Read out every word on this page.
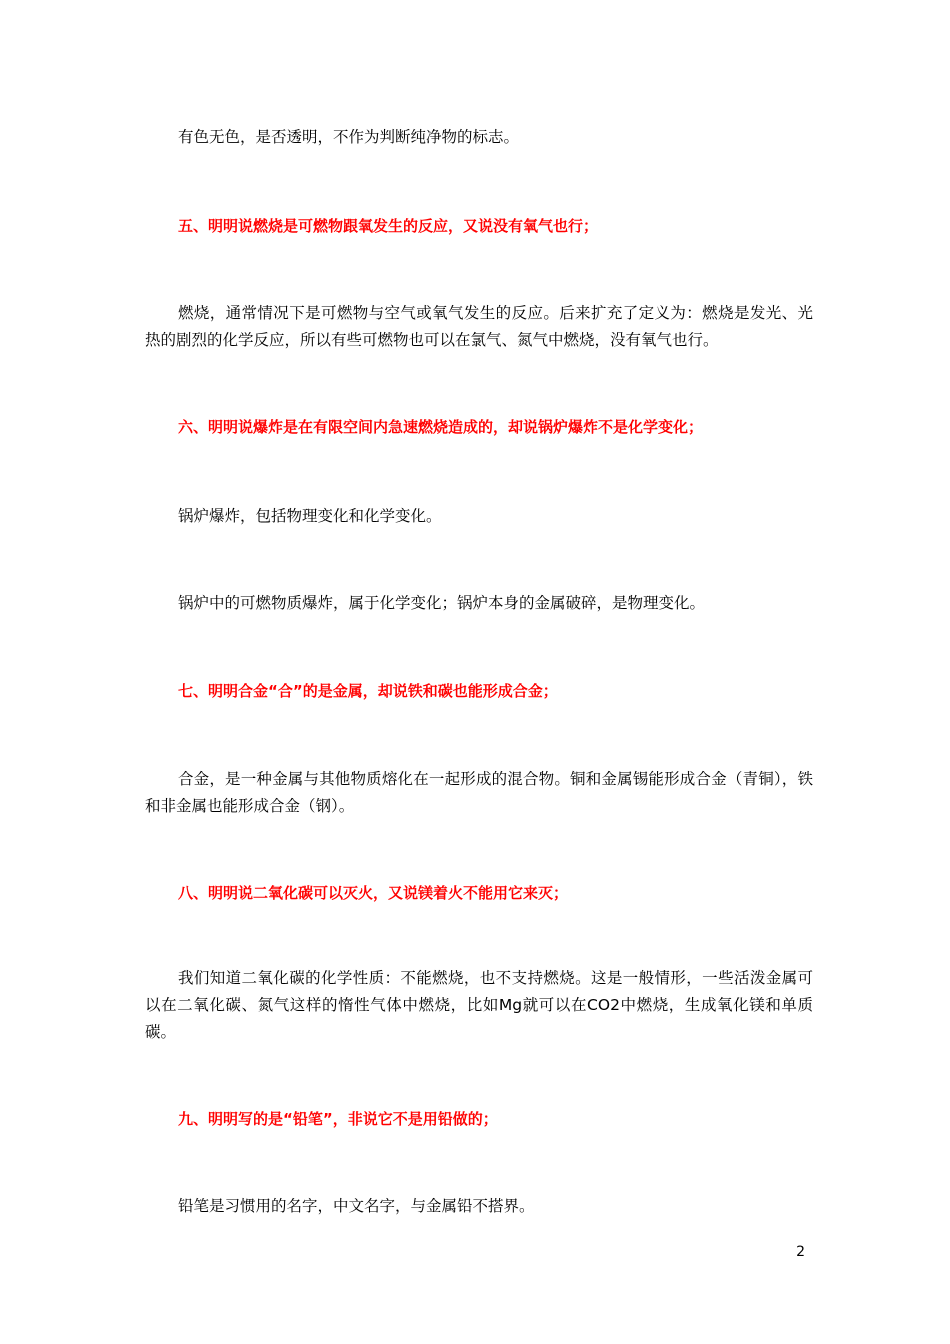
有色无色，是否透明，不作为判断纯净物的标志。

五、明明说燃烧是可燃物跟氧发生的反应，又说没有氧气也行；

燃烧，通常情况下是可燃物与空气或氧气发生的反应。后来扩充了定义为：燃烧是发光、光热的剧烈的化学反应，所以有些可燃物也可以在氯气、氮气中燃烧，没有氧气也行。

六、明明说爆炸是在有限空间内急速燃烧造成的，却说锅炉爆炸不是化学变化；

锅炉爆炸，包括物理变化和化学变化。

锅炉中的可燃物质爆炸，属于化学变化；锅炉本身的金属破碎，是物理变化。

七、明明合金“合”的是金属，却说铁和碳也能形成合金；

合金，是一种金属与其他物质熔化在一起形成的混合物。铜和金属锡能形成合金（青铜），铁和非金属也能形成合金（钢）。

八、明明说二氧化碳可以灭火，又说镁着火不能用它来灭；

我们知道二氧化碳的化学性质：不能燃烧，也不支持燃烧。这是一般情形，一些活泼金属可以在二氧化碳、氮气这样的惰性气体中燃烧，比如Mg就可以在CO2中燃烧，生成氧化镁和单质碳。

九、明明写的是“铅笔”，非说它不是用铅做的；

铅笔是习惯用的名字，中文名字，与金属铅不搭界。

2
